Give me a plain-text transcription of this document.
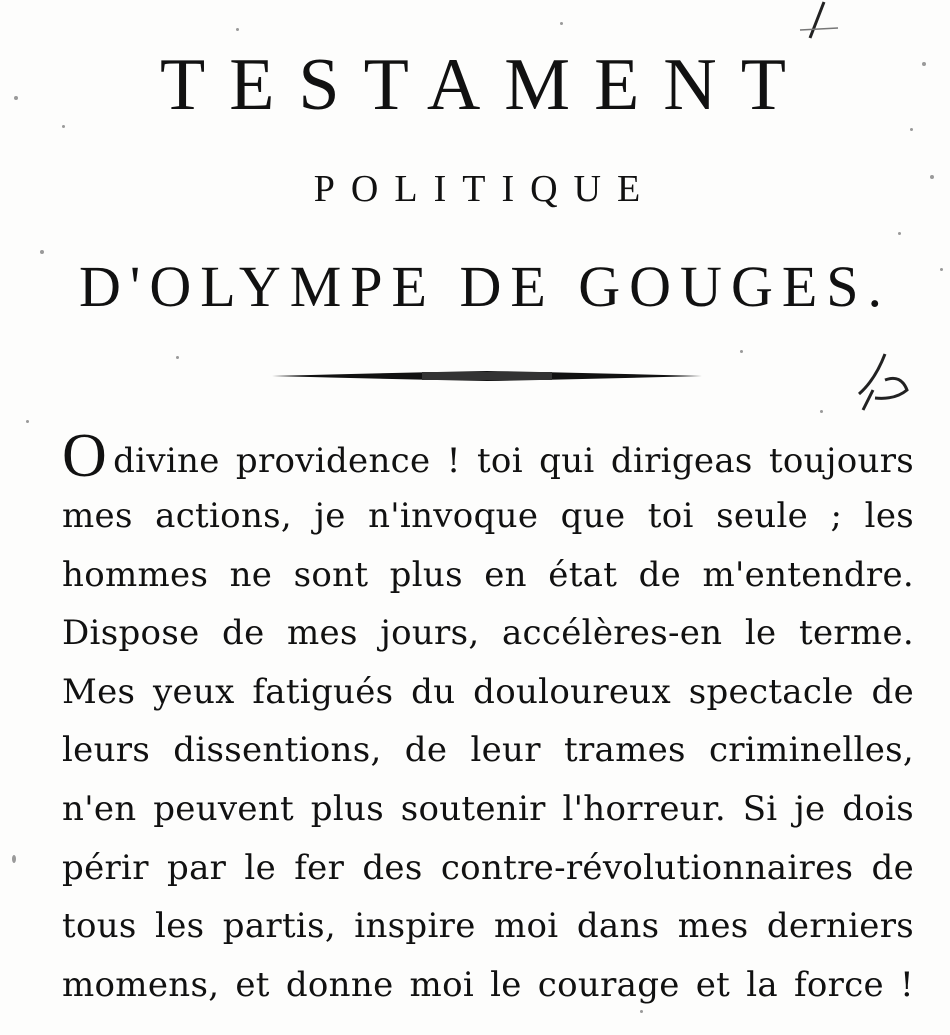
TESTAMENT
POLITIQUE
D'OLYMPE DE GOUGES.
Odivine providence ! toi qui dirigeas toujours
mes actions, je n'invoque que toi seule ; les
hommes ne sont plus en état de m'entendre.
Dispose de mes jours, accélères-en le terme.
Mes yeux fatigués du douloureux spectacle de
leurs dissentions, de leur trames criminelles,
n'en peuvent plus soutenir l'horreur. Si je dois
périr par le fer des contre-révolutionnaires de
tous les partis, inspire moi dans mes derniers
momens, et donne moi le courage et la force !
